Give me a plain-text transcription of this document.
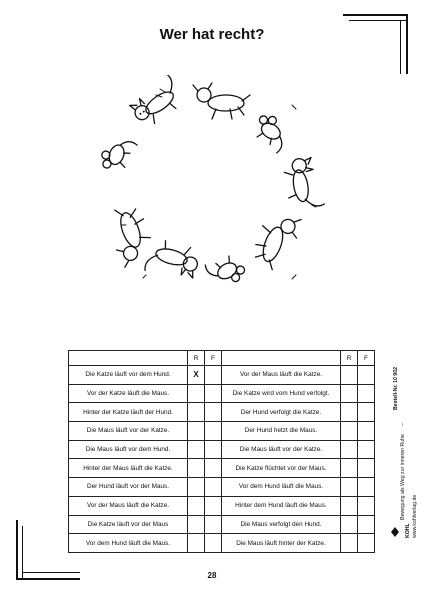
Wer hat recht?
	R	F		R	F
Die Katze läuft vor dem Hund.	X		Vor der Maus läuft die Katze.		
Vor der Katze läuft die Maus.			Die Katze wird vom Hund verfolgt.		
Hinter der Katze läuft der Hund.			Der Hund verfolgt die Katze.		
Die Maus läuft vor der Katze.			Der Hund hetzt die Maus.		
Die Maus läuft vor dem Hund.			Die Maus läuft vor der Katze.		
Hinter der Maus läuft die Katze.			Die Katze flüchtet vor der Maus.		
Der Hund läuft vor der Maus.			Vor dem Hund läuft die Maus.		
Vor der Maus läuft die Katze.			Hinter dem Hund läuft die Maus.		
Die Katze läuft vor der Maus			Die Maus verfolgt den Hund.		
Vor dem Hund läuft die Maus.			Die Maus läuft hinter der Katze.		
Bestell-Nr. 10 902
–
Bewegung als Weg zur inneren Ruhe
KOHL www.kohlverlag.de
28
